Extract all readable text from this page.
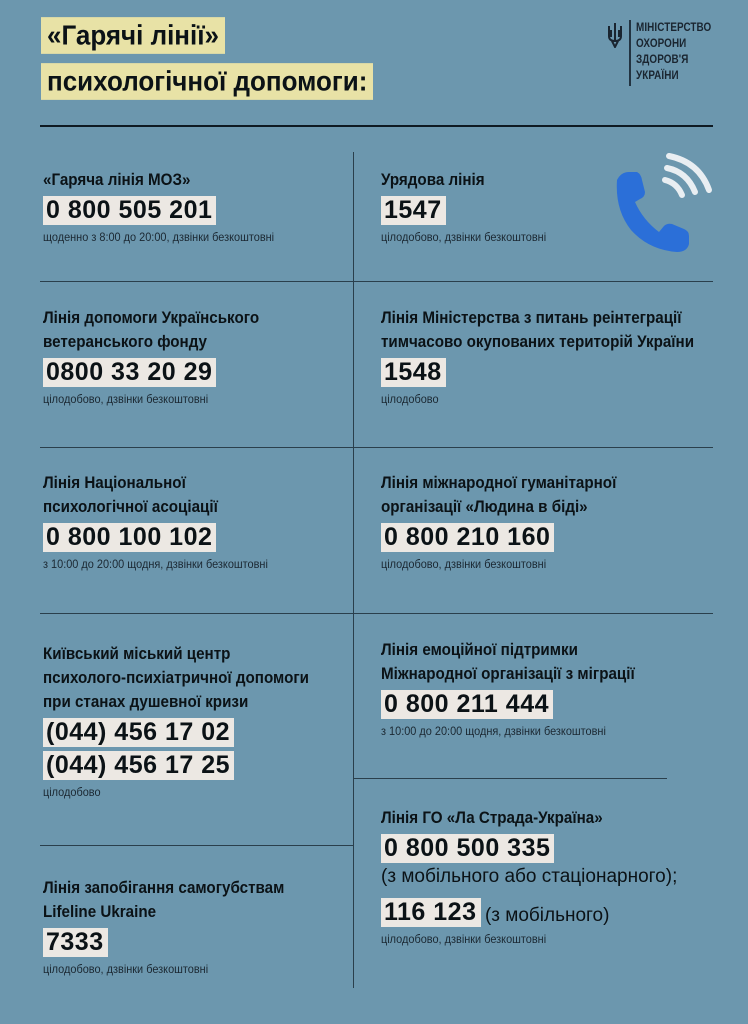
«Гарячі лінії»
психологічної допомоги:
МІНІСТЕРСТВО
ОХОРОНИ
ЗДОРОВ'Я
УКРАЇНИ
«Гаряча лінія МОЗ»
0 800 505 201
щоденно з 8:00 до 20:00, дзвінки безкоштовні
Лінія допомоги Українського
ветеранського фонду
0800 33 20 29
цілодобово, дзвінки безкоштовні
Лінія Національної
психологічної асоціації
0 800 100 102
з 10:00 до 20:00 щодня, дзвінки безкоштовні
Київський міський центр
психолого-психіатричної допомоги
при станах душевної кризи
(044) 456 17 02
(044) 456 17 25
цілодобово
Лінія запобігання самогубствам
Lifeline Ukraine
7333
цілодобово, дзвінки безкоштовні
Урядова лінія
1547
цілодобово, дзвінки безкоштовні
Лінія Міністерства з питань реінтеграції
тимчасово окупованих територій України
1548
цілодобово
Лінія міжнародної гуманітарної
організації «Людина в біді»
0 800 210 160
цілодобово, дзвінки безкоштовні
Лінія емоційної підтримки
Міжнародної організації з міграції
0 800 211 444
з 10:00 до 20:00 щодня, дзвінки безкоштовні
Лінія ГО «Ла Страда-Україна»
0 800 500 335
(з мобільного або стаціонарного);
116 123 (з мобільного)
цілодобово, дзвінки безкоштовні
